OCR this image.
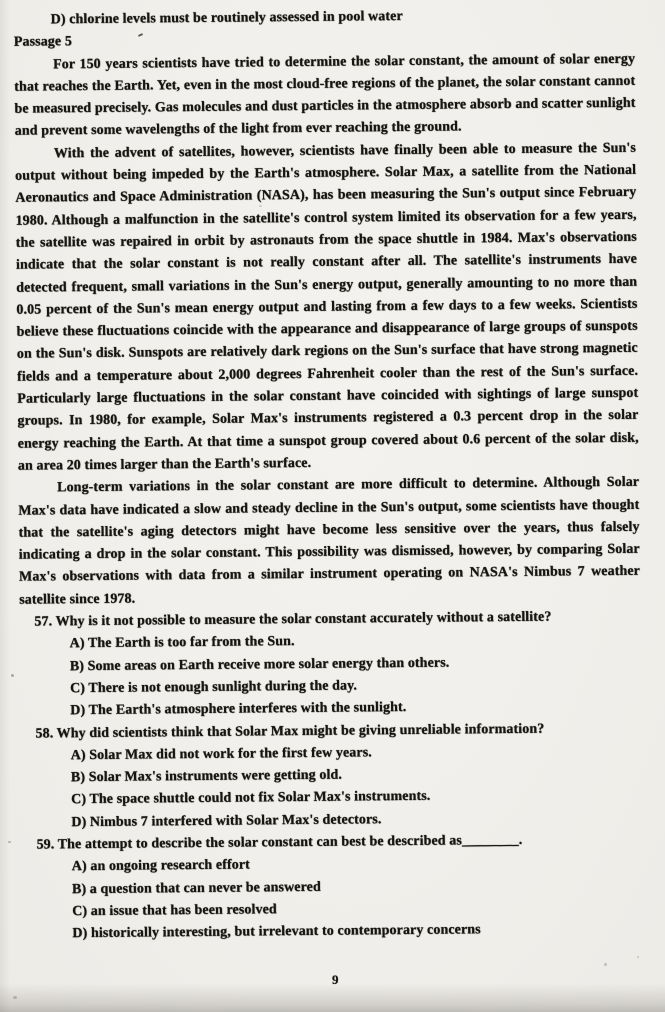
D) chlorine levels must be routinely assessed in pool water
Passage 5

For 150 years scientists have tried to determine the solar constant, the amount of solar energy that reaches the Earth. Yet, even in the most cloud-free regions of the planet, the solar constant cannot be measured precisely. Gas molecules and dust particles in the atmosphere absorb and scatter sunlight and prevent some wavelengths of the light from ever reaching the ground.

With the advent of satellites, however, scientists have finally been able to measure the Sun's output without being impeded by the Earth's atmosphere. Solar Max, a satellite from the National Aeronautics and Space Administration (NASA), has been measuring the Sun's output since February 1980. Although a malfunction in the satellite's control system limited its observation for a few years, the satellite was repaired in orbit by astronauts from the space shuttle in 1984. Max's observations indicate that the solar constant is not really constant after all. The satellite's instruments have detected frequent, small variations in the Sun's energy output, generally amounting to no more than 0.05 percent of the Sun's mean energy output and lasting from a few days to a few weeks. Scientists believe these fluctuations coincide with the appearance and disappearance of large groups of sunspots on the Sun's disk. Sunspots are relatively dark regions on the Sun's surface that have strong magnetic fields and a temperature about 2,000 degrees Fahrenheit cooler than the rest of the Sun's surface. Particularly large fluctuations in the solar constant have coincided with sightings of large sunspot groups. In 1980, for example, Solar Max's instruments registered a 0.3 percent drop in the solar energy reaching the Earth. At that time a sunspot group covered about 0.6 percent of the solar disk, an area 20 times larger than the Earth's surface.

Long-term variations in the solar constant are more difficult to determine. Although Solar Max's data have indicated a slow and steady decline in the Sun's output, some scientists have thought that the satellite's aging detectors might have become less sensitive over the years, thus falsely indicating a drop in the solar constant. This possibility was dismissed, however, by comparing Solar Max's observations with data from a similar instrument operating on NASA's Nimbus 7 weather satellite since 1978.

57. Why is it not possible to measure the solar constant accurately without a satellite?
A) The Earth is too far from the Sun.
B) Some areas on Earth receive more solar energy than others.
C) There is not enough sunlight during the day.
D) The Earth's atmosphere interferes with the sunlight.
58. Why did scientists think that Solar Max might be giving unreliable information?
A) Solar Max did not work for the first few years.
B) Solar Max's instruments were getting old.
C) The space shuttle could not fix Solar Max's instruments.
D) Nimbus 7 interfered with Solar Max's detectors.
59. The attempt to describe the solar constant can best be described as________.
A) an ongoing research effort
B) a question that can never be answered
C) an issue that has been resolved
D) historically interesting, but irrelevant to contemporary concerns
9
